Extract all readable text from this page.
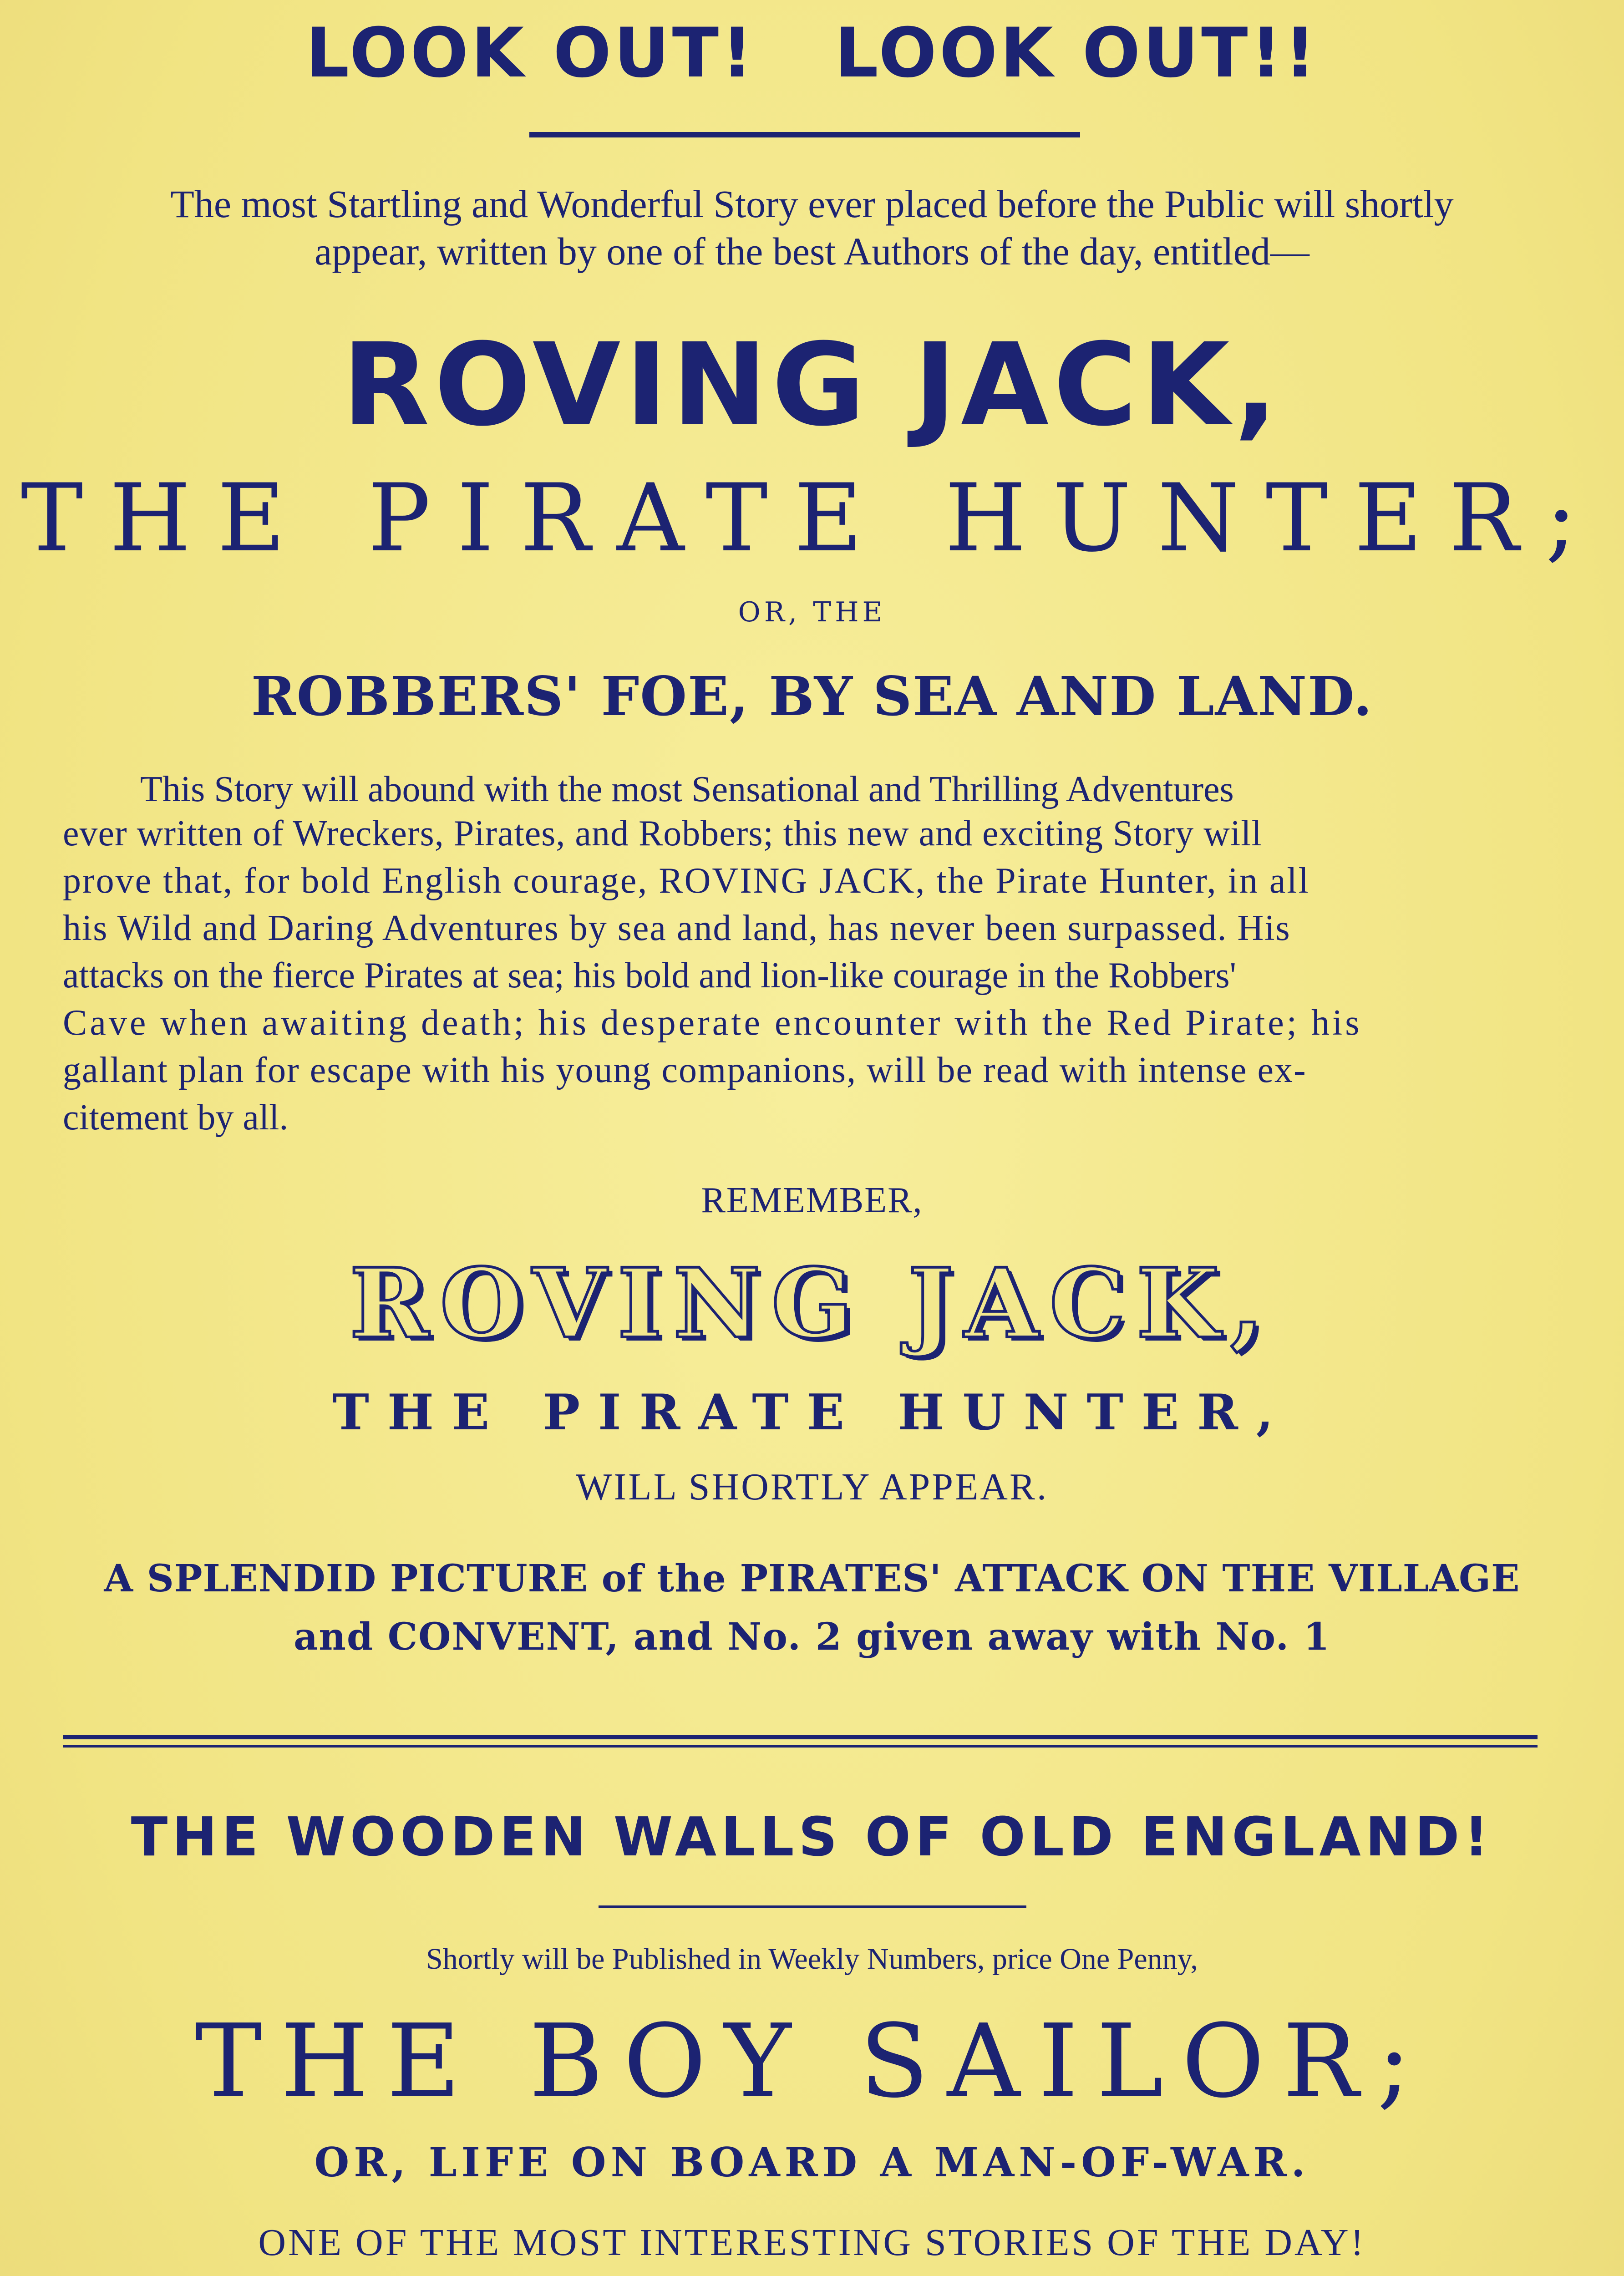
LOOK OUT!   LOOK OUT!!
The most Startling and Wonderful Story ever placed before the Public will shortly
appear, written by one of the best Authors of the day, entitled—
ROVING JACK,
THE PIRATE HUNTER;
OR, THE
ROBBERS' FOE, BY SEA AND LAND.
This Story will abound with the most Sensational and Thrilling Adventures
ever written of Wreckers, Pirates, and Robbers; this new and exciting Story will
prove that, for bold English courage, ROVING JACK, the Pirate Hunter, in all
his Wild and Daring Adventures by sea and land, has never been surpassed. His
attacks on the fierce Pirates at sea; his bold and lion-like courage in the Robbers'
Cave when awaiting death; his desperate encounter with the Red Pirate; his
gallant plan for escape with his young companions, will be read with intense ex-
citement by all.
REMEMBER,
ROVING JACK,
THE PIRATE HUNTER,
WILL SHORTLY APPEAR.
A SPLENDID PICTURE of the PIRATES' ATTACK ON THE VILLAGE
and CONVENT, and No. 2 given away with No. 1
THE WOODEN WALLS OF OLD ENGLAND!
Shortly will be Published in Weekly Numbers, price One Penny,
THE BOY SAILOR;
OR, LIFE ON BOARD A MAN-OF-WAR.
ONE OF THE MOST INTERESTING STORIES OF THE DAY!
